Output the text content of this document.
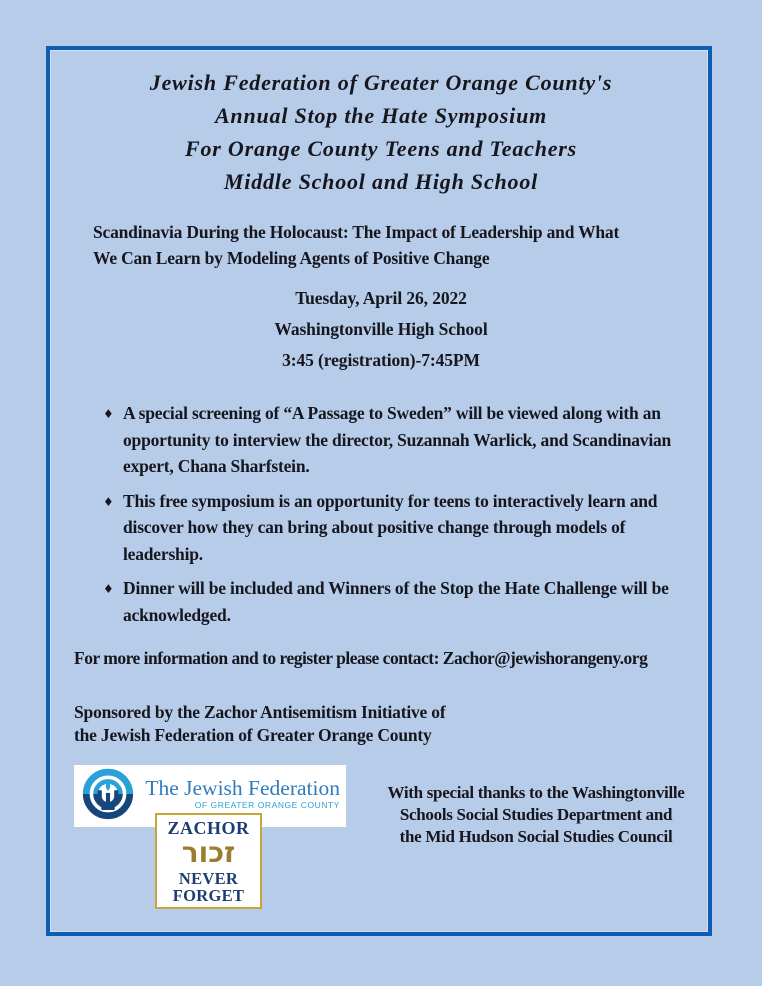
Jewish Federation of Greater Orange County's
Annual Stop the Hate Symposium
For Orange County Teens and Teachers
Middle School and High School
Scandinavia During the Holocaust: The Impact of Leadership and What
We Can Learn by Modeling Agents of Positive Change
Tuesday, April 26, 2022
Washingtonville High School
3:45 (registration)-7:45PM
♦ A special screening of “A Passage to Sweden” will be viewed along with an opportunity to interview the director, Suzannah Warlick, and Scandinavian expert, Chana Sharfstein.
♦ This free symposium is an opportunity for teens to interactively learn and discover how they can bring about positive change through models of leadership.
♦ Dinner will be included and Winners of the Stop the Hate Challenge will be acknowledged.
For more information and to register please contact: Zachor@jewishorangeny.org
Sponsored by the Zachor Antisemitism Initiative of
the Jewish Federation of Greater Orange County
The Jewish Federation
OF GREATER ORANGE COUNTY
ZACHOR
זכור
NEVER
FORGET
With special thanks to the Washingtonville
Schools Social Studies Department and
the Mid Hudson Social Studies Council
